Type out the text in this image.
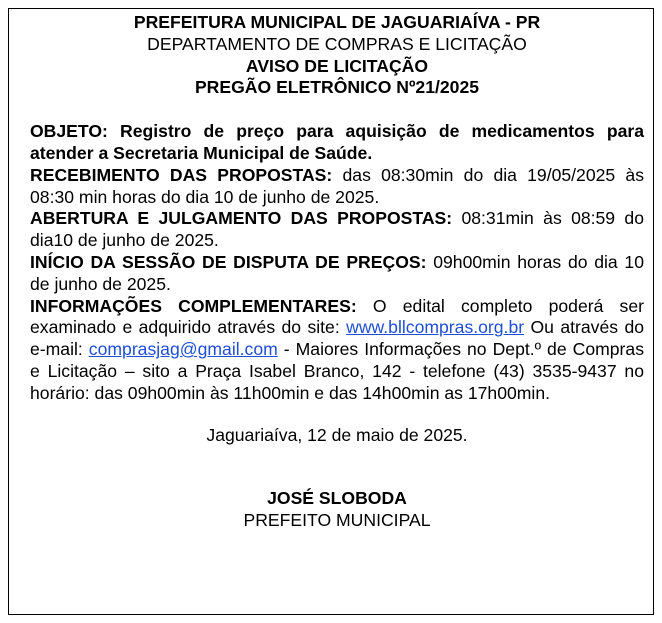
PREFEITURA MUNICIPAL DE JAGUARIAÍVA - PR
DEPARTAMENTO DE COMPRAS E LICITAÇÃO
AVISO DE LICITAÇÃO
PREGÃO ELETRÔNICO Nº21/2025

OBJETO: Registro de preço para aquisição de medicamentos para atender a Secretaria Municipal de Saúde.

RECEBIMENTO DAS PROPOSTAS: das 08:30min do dia 19/05/2025 às 08:30 min horas do dia 10 de junho de 2025.

ABERTURA E JULGAMENTO DAS PROPOSTAS: 08:31min às 08:59 do dia10 de junho de 2025.

INÍCIO DA SESSÃO DE DISPUTA DE PREÇOS: 09h00min horas do dia 10 de junho de 2025.

INFORMAÇÕES COMPLEMENTARES: O edital completo poderá ser examinado e adquirido através do site: www.bllcompras.org.br Ou através do e-mail: comprasjag@gmail.com - Maiores Informações no Dept.º de Compras e Licitação – sito a Praça Isabel Branco, 142 - telefone (43) 3535-9437 no horário: das 09h00min às 11h00min e das 14h00min as 17h00min.

Jaguariaíva, 12 de maio de 2025.
JOSÉ SLOBODA
PREFEITO MUNICIPAL
